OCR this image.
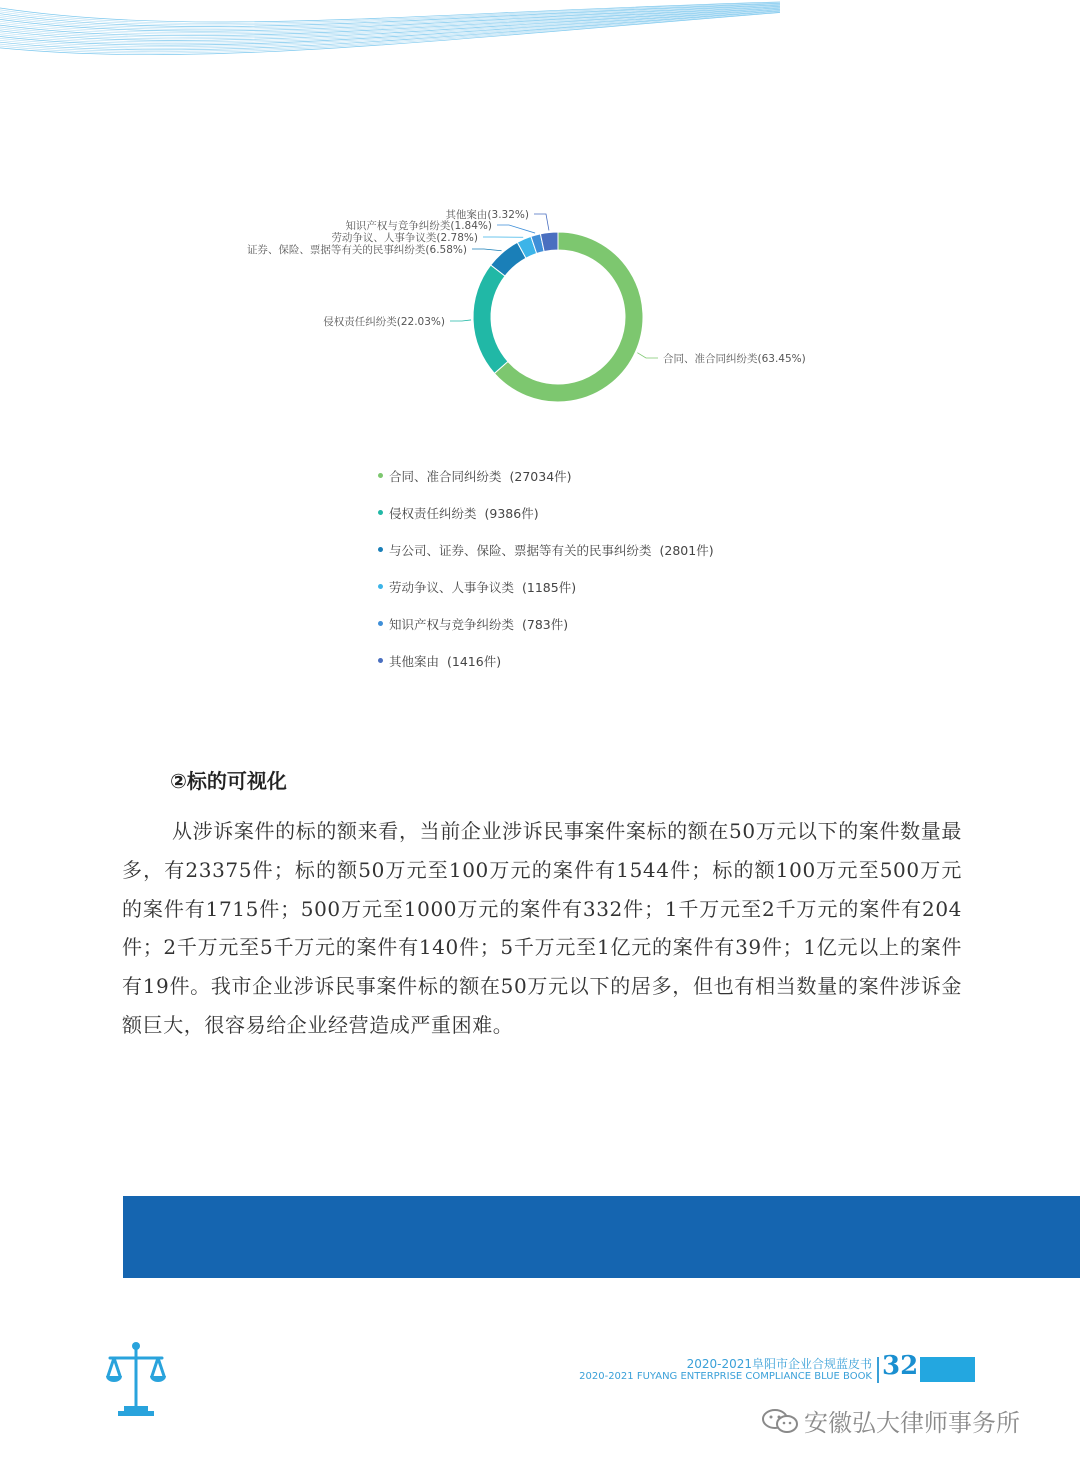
合同、准合同纠纷类(63.45%)
侵权责任纠纷类(22.03%)
证券、保险、票据等有关的民事纠纷类(6.58%)
劳动争议、人事争议类(2.78%)
知识产权与竞争纠纷类(1.84%)
其他案由(3.32%)
合同、准合同纠纷类 (27034件)
侵权责任纠纷类 (9386件)
与公司、证券、保险、票据等有关的民事纠纷类 (2801件)
劳动争议、人事争议类 (1185件)
知识产权与竞争纠纷类 (783件)
其他案由 (1416件)
②标的可视化

从涉诉案件的标的额来看，当前企业涉诉民事案件案标的额在50万元以下的案件数量最多，有23375件；标的额50万元至100万元的案件有1544件；标的额100万元至500万元的案件有1715件；500万元至1000万元的案件有332件；1千万元至2千万元的案件有204件；2千万元至5千万元的案件有140件；5千万元至1亿元的案件有39件；1亿元以上的案件有19件。我市企业涉诉民事案件标的额在50万元以下的居多，但也有相当数量的案件涉诉金额巨大，很容易给企业经营造成严重困难。

2020-2021阜阳市企业合规蓝皮书
2020-2021 FUYANG ENTERPRISE COMPLIANCE BLUE BOOK 32
安徽弘大律师事务所
